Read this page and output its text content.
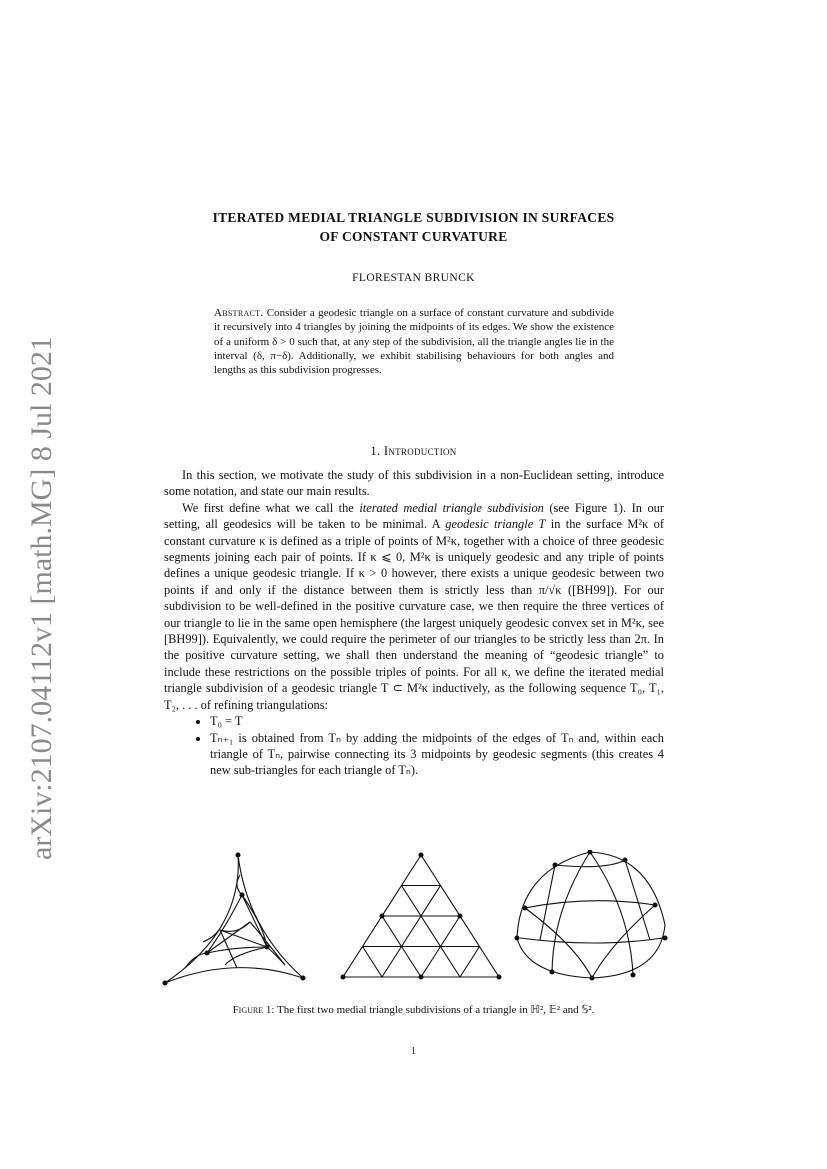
arXiv:2107.04112v1 [math.MG] 8 Jul 2021
ITERATED MEDIAL TRIANGLE SUBDIVISION IN SURFACES
OF CONSTANT CURVATURE
FLORESTAN BRUNCK
Abstract. Consider a geodesic triangle on a surface of constant curvature and subdivide it recursively into 4 triangles by joining the midpoints of its edges. We show the existence of a uniform δ > 0 such that, at any step of the subdivision, all the triangle angles lie in the interval (δ, π−δ). Additionally, we exhibit stabilising behaviours for both angles and lengths as this subdivision progresses.
1. Introduction

In this section, we motivate the study of this subdivision in a non-Euclidean setting, introduce some notation, and state our main results.

We first define what we call the iterated medial triangle subdivision (see Figure 1). In our setting, all geodesics will be taken to be minimal. A geodesic triangle T in the surface M²κ of constant curvature κ is defined as a triple of points of M²κ, together with a choice of three geodesic segments joining each pair of points. If κ ⩽ 0, M²κ is uniquely geodesic and any triple of points defines a unique geodesic triangle. If κ > 0 however, there exists a unique geodesic between two points if and only if the distance between them is strictly less than π/√κ ([BH99]). For our subdivision to be well-defined in the positive curvature case, we then require the three vertices of our triangle to lie in the same open hemisphere (the largest uniquely geodesic convex set in M²κ, see [BH99]). Equivalently, we could require the perimeter of our triangles to be strictly less than 2π. In the positive curvature setting, we shall then understand the meaning of “geodesic triangle” to include these restrictions on the possible triples of points. For all κ, we define the iterated medial triangle subdivision of a geodesic triangle T ⊂ M²κ inductively, as the following sequence T₀, T₁, T₂, . . . of refining triangulations:

• T₀ = T
• Tₙ₊₁ is obtained from Tₙ by adding the midpoints of the edges of Tₙ and, within each triangle of Tₙ, pairwise connecting its 3 midpoints by geodesic segments (this creates 4 new sub-triangles for each triangle of Tₙ).
Figure 1: The first two medial triangle subdivisions of a triangle in ℍ², 𝔼² and 𝕊².
1
